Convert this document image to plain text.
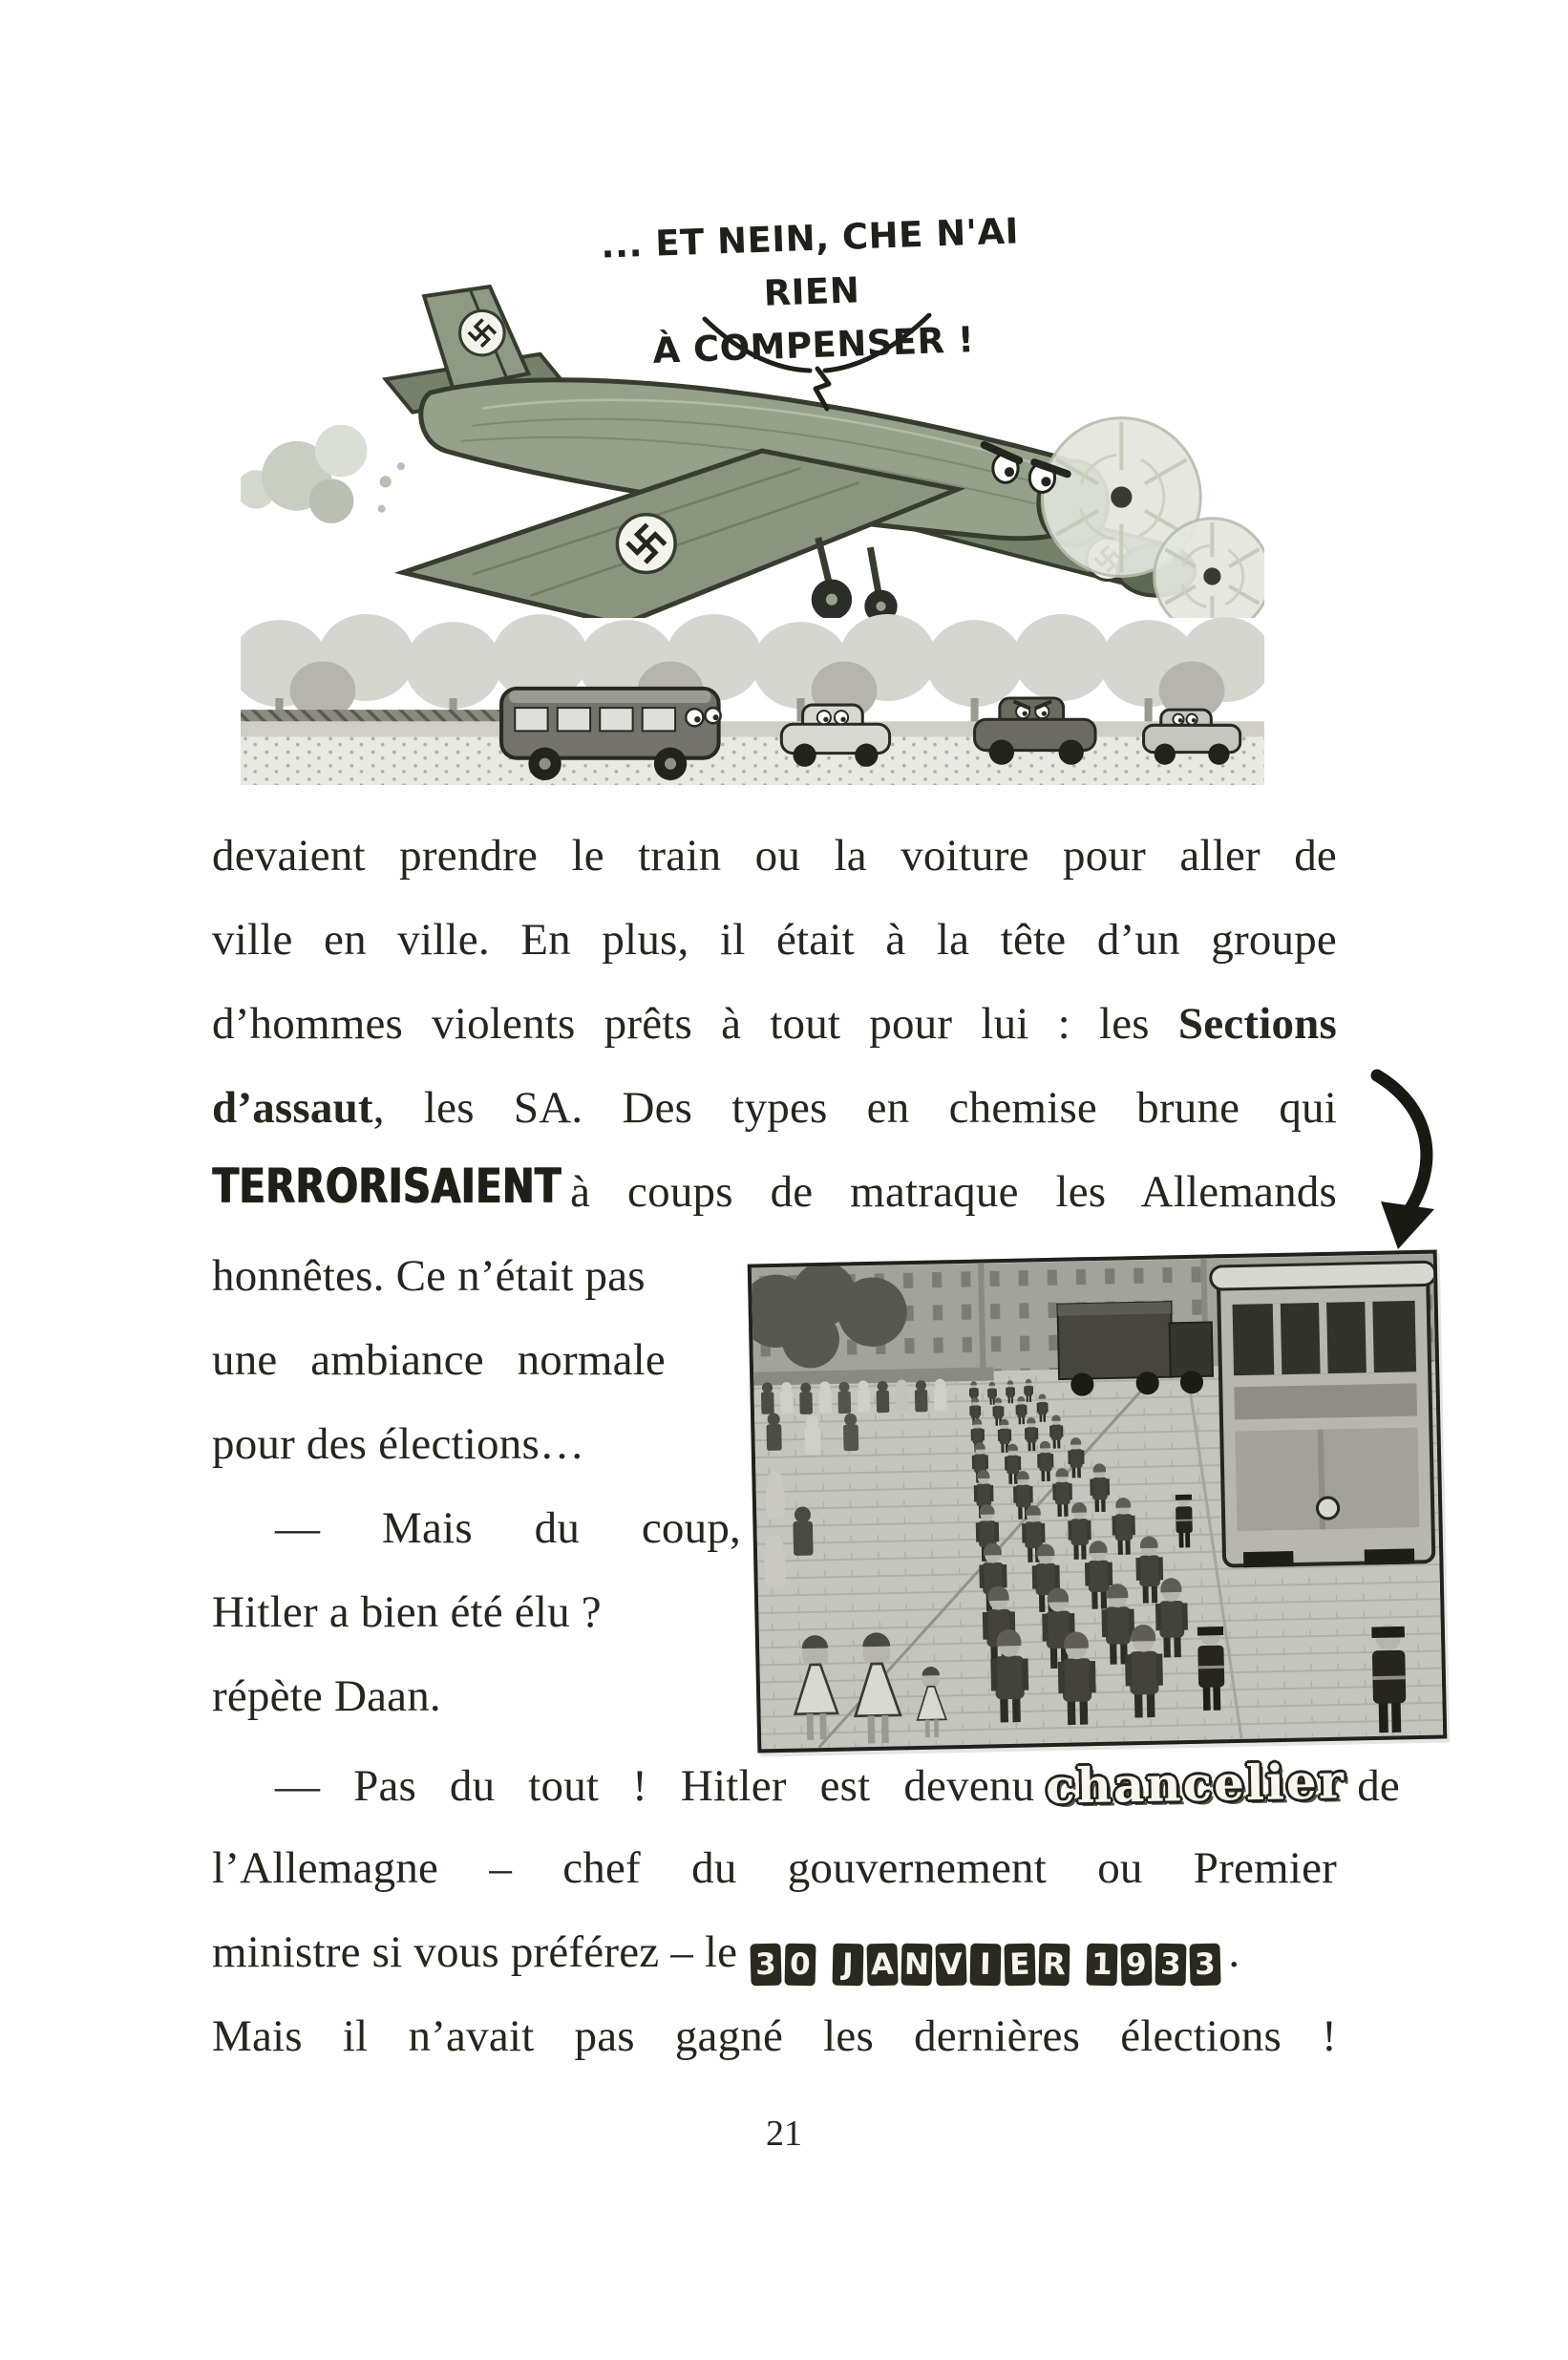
... ET NEIN, CHE N'AI RIEN
À COMPENSER !
devaient prendre le train ou la voiture pour aller de
ville en ville. En plus, il était à la tête d’un groupe
d’hommes violents prêts à tout pour lui : les Sections
d’assaut, les SA. Des types en chemise brune qui
TERRORISAIENT à coups de matraque les Allemands
honnêtes. Ce n’était pas
une ambiance normale
pour des élections…
— Mais du coup,
Hitler a bien été élu ?
répète Daan.
— Pas du tout ! Hitler est devenu chancelier de
l’Allemagne – chef du gouvernement ou Premier
ministre si vous préférez – le 3 0 J A N V I E R 1 9 3 3 .
Mais il n’avait pas gagné les dernières élections !
21
